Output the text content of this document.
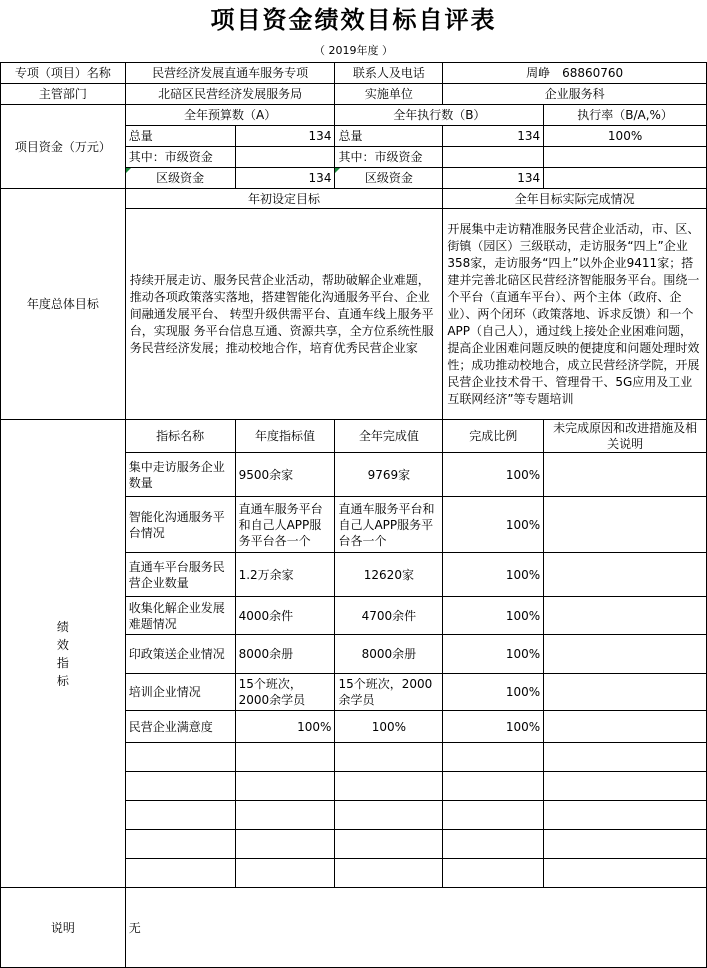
项目资金绩效目标自评表
（ 2019年度 ）
专项（项目）名称	民营经济发展直通车服务专项		联系人及电话	周峥　68860760	
主管部门	北碚区民营经济发展服务局		实施单位	企业服务科	
项目资金（万元）	全年预算数（A）		全年执行数（B）		执行率（B/A,%）
	总量	134	总量	134	100%
	其中：市级资金		其中：市级资金		
	区级资金	134	区级资金	134	
年度总体目标	年初设定目标			全年目标实际完成情况	
	持续开展走访、服务民营企业活动，帮助破解企业难题，推动各项政策落实落地，搭建智能化沟通服务平台、企业间融通发展平台、 转型升级供需平台、直通车线上服务平台，实现服 务平台信息互通、资源共享，全方位系统性服务民营经济发展；推动校地合作，培育优秀民营企业家			开展集中走访精准服务民营企业活动，市、区、街镇（园区）三级联动，走访服务“四上”企业358家，走访服务“四上”以外企业9411家；搭建并完善北碚区民营经济智能服务平台。围绕一个平台（直通车平台）、两个主体（政府、企业）、两个闭环（政策落地、诉求反馈）和一个APP（自己人），通过线上接处企业困难问题，提高企业困难问题反映的便捷度和问题处理时效性；成功推动校地合，成立民营经济学院，开展民营企业技术骨干、管理骨干、5G应用及工业互联网经济”等专题培训	

绩
效
指
标	指标名称	年度指标值	全年完成值	完成比例	未完成原因和改进措施及相关说明
	集中走访服务企业数量	9500余家	9769家	100%	
	智能化沟通服务平台情况	直通车服务平台和自己人APP服务平台各一个	直通车服务平台和自己人APP服务平台各一个	100%	
	直通车平台服务民营企业数量	1.2万余家	12620家	100%	
	收集化解企业发展难题情况	4000余件	4700余件	100%	
	印政策送企业情况	8000余册	8000余册	100%	
	培训企业情况	15个班次，2000余学员	15个班次，2000余学员	100%	
	民营企业满意度	100%	100%	100%	

说明	无				
